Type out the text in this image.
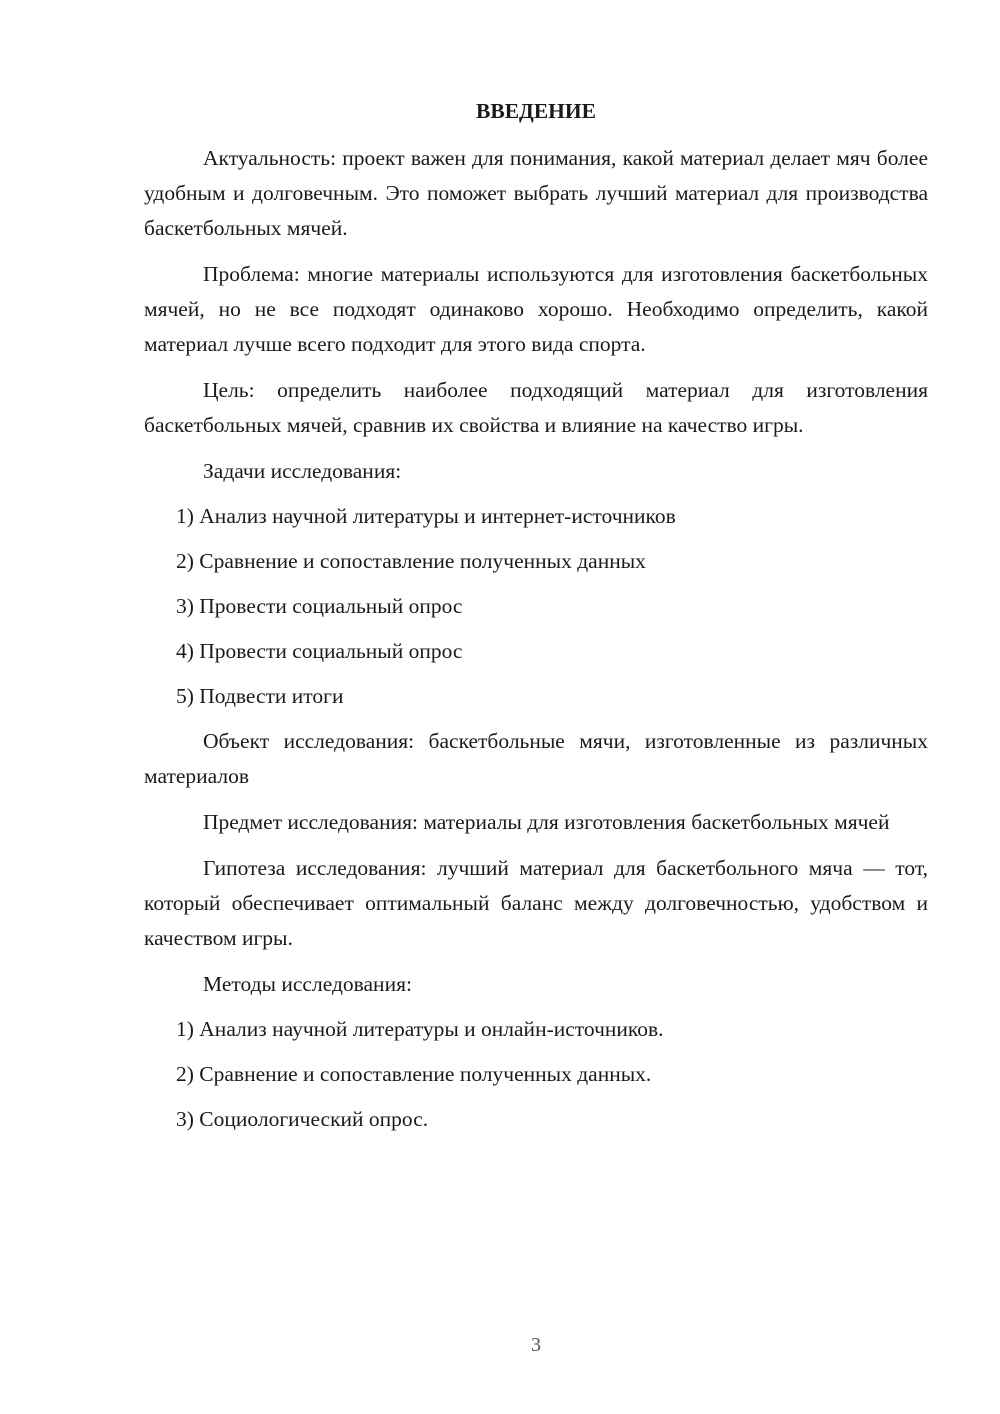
ВВЕДЕНИЕ

Актуальность: проект важен для понимания, какой материал делает мяч более удобным и долговечным. Это поможет выбрать лучший материал для производства баскетбольных мячей.

Проблема: многие материалы используются для изготовления баскетбольных мячей, но не все подходят одинаково хорошо. Необходимо определить, какой материал лучше всего подходит для этого вида спорта.

Цель: определить наиболее подходящий материал для изготовления баскетбольных мячей, сравнив их свойства и влияние на качество игры.

Задачи исследования:

1) Анализ научной литературы и интернет-источников
2) Сравнение и сопоставление полученных данных
3) Провести социальный опрос
4) Провести социальный опрос
5) Подвести итоги

Объект исследования: баскетбольные мячи, изготовленные из различных материалов

Предмет исследования: материалы для изготовления баскетбольных мячей

Гипотеза исследования: лучший материал для баскетбольного мяча — тот, который обеспечивает оптимальный баланс между долговечностью, удобством и качеством игры.

Методы исследования:

1) Анализ научной литературы и онлайн-источников.
2) Сравнение и сопоставление полученных данных.
3) Социологический опрос.
3
